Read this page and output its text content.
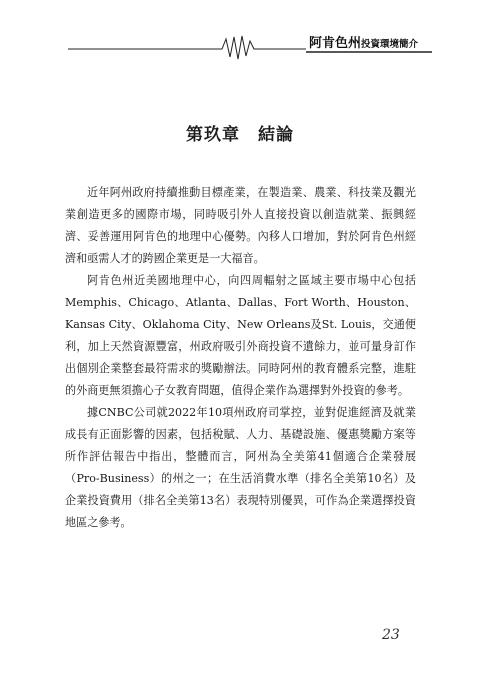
阿肯色州投資環境簡介
第玖章 結論

近年阿州政府持續推動目標產業，在製造業、農業、科技業及觀光業創造更多的國際市場，同時吸引外人直接投資以創造就業、振興經濟、妥善運用阿肯色的地理中心優勢。內移人口增加，對於阿肯色州經濟和亟需人才的跨國企業更是一大福音。

阿肯色州近美國地理中心，向四周輻射之區域主要市場中心包括Memphis、Chicago、Atlanta、Dallas、Fort Worth、Houston、Kansas City、Oklahoma City、New Orleans及St. Louis，交通便利，加上天然資源豐富，州政府吸引外商投資不遺餘力，並可量身訂作出個別企業整套最符需求的獎勵辦法。同時阿州的教育體系完整，進駐的外商更無須擔心子女教育問題，值得企業作為選擇對外投資的參考。

據CNBC公司就2022年10項州政府司掌控，並對促進經濟及就業成長有正面影響的因素，包括稅賦、人力、基礎設施、優惠獎勵方案等所作評估報告中指出，整體而言，阿州為全美第41個適合企業發展（Pro-Business）的州之一；在生活消費水準（排名全美第10名）及企業投資費用（排名全美第13名）表現特別優異，可作為企業選擇投資地區之參考。

23
